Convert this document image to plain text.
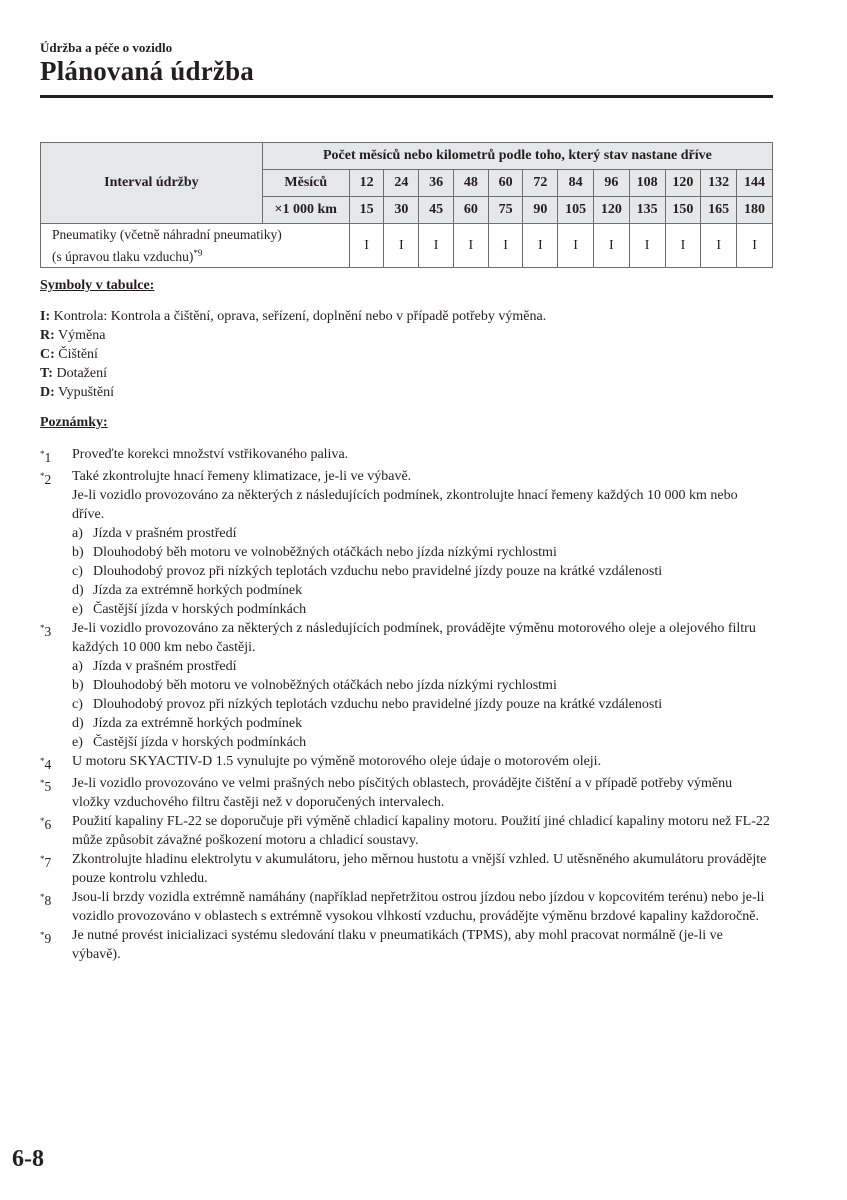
Údržba a péče o vozidlo
Plánovaná údržba
Interval údržby	Počet měsíců nebo kilometrů podle toho, který stav nastane dříve												
	Měsíců	12	24	36	48	60	72	84	96	108	120	132	144
	×1 000 km	15	30	45	60	75	90	105	120	135	150	165	180
Pneumatiky (včetně náhradní pneumatiky)
(s úpravou tlaku vzduchu)$^{*9}$		I	I	I	I	I	I	I	I	I	I	I	I
Symboly v tabulce:
I: Kontrola: Kontrola a čištění, oprava, seřízení, doplnění nebo v případě potřeby výměna.
R: Výměna
C: Čištění
T: Dotažení
D: Vypuštění
Poznámky:
*1	Proveďte korekci množství vstřikovaného paliva.
*2	Také zkontrolujte hnací řemeny klimatizace, je-li ve výbavě.
Je-li vozidlo provozováno za některých z následujících podmínek, zkontrolujte hnací řemeny každých 10 000 km nebo dříve.
a) Jízda v prašném prostředí
b) Dlouhodobý běh motoru ve volnoběžných otáčkách nebo jízda nízkými rychlostmi
c) Dlouhodobý provoz při nízkých teplotách vzduchu nebo pravidelné jízdy pouze na krátké vzdálenosti
d) Jízda za extrémně horkých podmínek
e) Častější jízda v horských podmínkách
*3	Je-li vozidlo provozováno za některých z následujících podmínek, provádějte výměnu motorového oleje a olejového filtru každých 10 000 km nebo častěji.
a) Jízda v prašném prostředí
b) Dlouhodobý běh motoru ve volnoběžných otáčkách nebo jízda nízkými rychlostmi
c) Dlouhodobý provoz při nízkých teplotách vzduchu nebo pravidelné jízdy pouze na krátké vzdálenosti
d) Jízda za extrémně horkých podmínek
e) Častější jízda v horských podmínkách
*4	U motoru SKYACTIV-D 1.5 vynulujte po výměně motorového oleje údaje o motorovém oleji.
*5	Je-li vozidlo provozováno ve velmi prašných nebo písčitých oblastech, provádějte čištění a v případě potřeby výměnu vložky vzduchového filtru častěji než v doporučených intervalech.
*6	Použití kapaliny FL-22 se doporučuje při výměně chladicí kapaliny motoru. Použití jiné chladicí kapaliny motoru než FL-22 může způsobit závažné poškození motoru a chladicí soustavy.
*7	Zkontrolujte hladinu elektrolytu v akumulátoru, jeho měrnou hustotu a vnější vzhled. U utěsněného akumulátoru provádějte pouze kontrolu vzhledu.
*8	Jsou-li brzdy vozidla extrémně namáhány (například nepřetržitou ostrou jízdou nebo jízdou v kopcovitém terénu) nebo je-li vozidlo provozováno v oblastech s extrémně vysokou vlhkostí vzduchu, provádějte výměnu brzdové kapaliny každoročně.
*9	Je nutné provést inicializaci systému sledování tlaku v pneumatikách (TPMS), aby mohl pracovat normálně (je-li ve výbavě).
6-8
